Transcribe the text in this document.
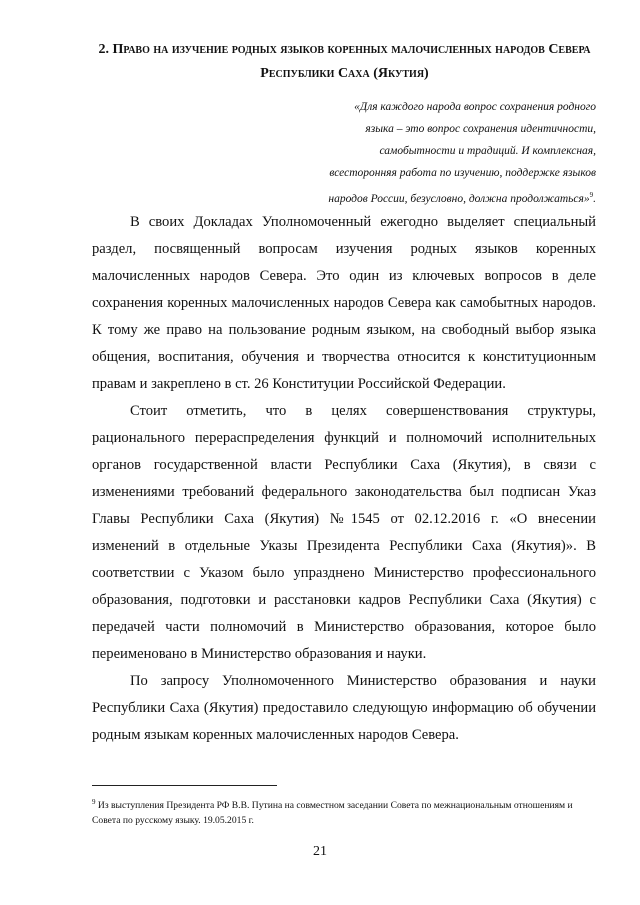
2. Право на изучение родных языков коренных малочисленных народов Севера Республики Саха (Якутия)
«Для каждого народа вопрос сохранения родного
языка – это вопрос сохранения идентичности,
самобытности и традиций. И комплексная,
всесторонняя работа по изучению, поддержке языков
народов России, безусловно, должна продолжаться»$^9$.

В своих Докладах Уполномоченный ежегодно выделяет специальный раздел, посвященный вопросам изучения родных языков коренных малочисленных народов Севера. Это один из ключевых вопросов в деле сохранения коренных малочисленных народов Севера как самобытных народов. К тому же право на пользование родным языком, на свободный выбор языка общения, воспитания, обучения и творчества относится к конституционным правам и закреплено в ст. 26 Конституции Российской Федерации.

Стоит отметить, что в целях совершенствования структуры, рационального перераспределения функций и полномочий исполнительных органов государственной власти Республики Саха (Якутия), в связи с изменениями требований федерального законодательства был подписан Указ Главы Республики Саха (Якутия) №1545 от 02.12.2016 г. «О внесении изменений в отдельные Указы Президента Республики Саха (Якутия)». В соответствии с Указом было упразднено Министерство профессионального образования, подготовки и расстановки кадров Республики Саха (Якутия) с передачей части полномочий в Министерство образования, которое было переименовано в Министерство образования и науки.

По запросу Уполномоченного Министерство образования и науки Республики Саха (Якутия) предоставило следующую информацию об обучении родным языкам коренных малочисленных народов Севера.

$^9$ Из выступления Президента РФ В.В. Путина на совместном заседании Совета по межнациональным отношениям и Совета по русскому языку. 19.05.2015 г.

21
